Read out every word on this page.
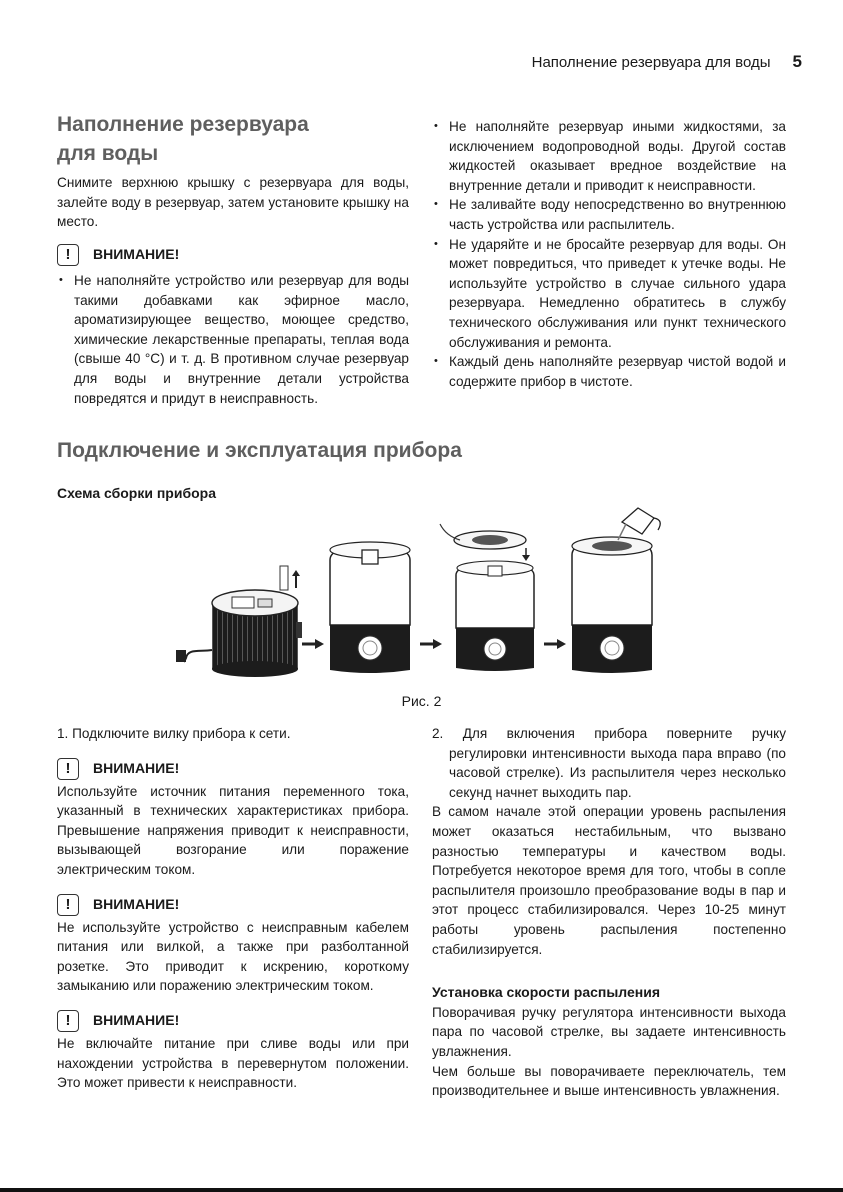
Наполнение резервуара для воды 5
Наполнение резервуара
для воды
Снимите верхнюю крышку с резервуара для воды, залейте воду в резервуар, затем установите крышку на место.
!	ВНИМАНИЕ!
• Не наполняйте устройство или резервуар для воды такими добавками как эфирное масло, ароматизирующее вещество, моющее средство, химические лекарственные препараты, теплая вода (свыше 40 °C) и т. д. В противном случае резервуар для воды и внутренние детали устройства повредятся и придут в неисправность.
• Не наполняйте резервуар иными жидкостями, за исключением водопроводной воды. Другой состав жидкостей оказывает вредное воздействие на внутренние детали и приводит к неисправности.
• Не заливайте воду непосредственно во внутреннюю часть устройства или распылитель.
• Не ударяйте и не бросайте резервуар для воды. Он может повредиться, что приведет к утечке воды. Не используйте устройство в случае сильного удара резервуара. Немедленно обратитесь в службу технического обслуживания или пункт технического обслуживания и ремонта.
• Каждый день наполняйте резервуар чистой водой и содержите прибор в чистоте.
Подключение и эксплуатация прибора
Схема сборки прибора
Рис. 2
1. Подключите вилку прибора к сети.
!	ВНИМАНИЕ!
Используйте источник питания переменного тока, указанный в технических характеристиках прибора. Превышение напряжения приводит к неисправности, вызывающей возгорание или поражение электрическим током.
!	ВНИМАНИЕ!
Не используйте устройство с неисправным кабелем питания или вилкой, а также при разболтанной розетке. Это приводит к искрению, короткому замыканию или поражению электрическим током.
!	ВНИМАНИЕ!
Не включайте питание при сливе воды или при нахождении устройства в перевернутом положении. Это может привести к неисправности.
2. Для включения прибора поверните ручку регулировки интенсивности выхода пара вправо (по часовой стрелке). Из распылителя через несколько секунд начнет выходить пар.
В самом начале этой операции уровень распыления может оказаться нестабильным, что вызвано разностью температуры и качеством воды. Потребуется некоторое время для того, чтобы в сопле распылителя произошло преобразование воды в пар и этот процесс стабилизировался. Через 10-25 минут работы уровень распыления постепенно стабилизируется.
Установка скорости распыления
Поворачивая ручку регулятора интенсивности выхода пара по часовой стрелке, вы задаете интенсивность увлажнения.
Чем больше вы поворачиваете переключатель, тем производительнее и выше интенсивность увлажнения.
